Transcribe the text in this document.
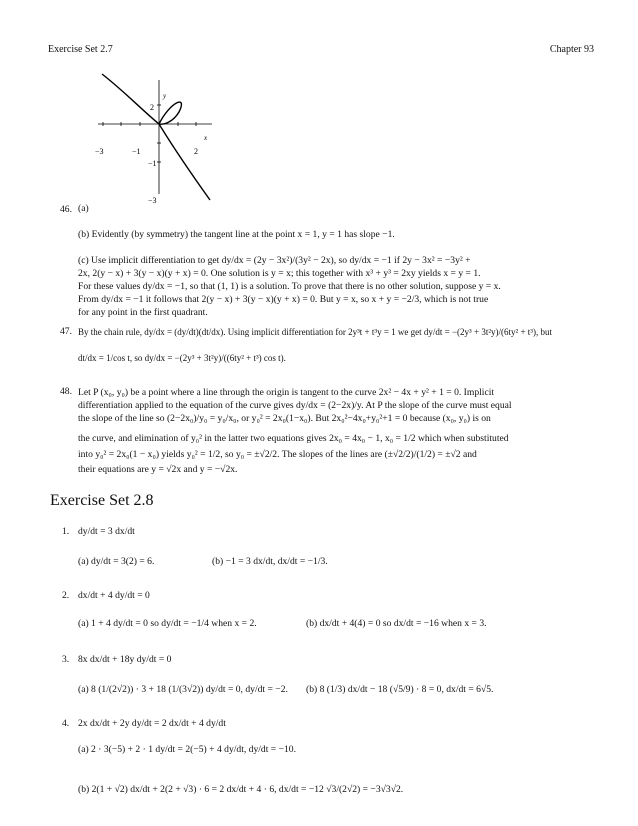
Exercise Set 2.7	Chapter 93
2
y
x
−3	−1	2
−1
−3
46. (a)
(b) Evidently (by symmetry) the tangent line at the point x = 1, y = 1 has slope −1.
(c) Use implicit differentiation to get dy/dx = (2y − 3x²)/(3y² − 2x), so dy/dx = −1 if 2y − 3x² = −3y² +
2x, 2(y − x) + 3(y − x)(y + x) = 0. One solution is y = x; this together with x³ + y³ = 2xy yields x = y = 1.
For these values dy/dx = −1, so that (1, 1) is a solution. To prove that there is no other solution, suppose y = x.
From dy/dx = −1 it follows that 2(y − x) + 3(y − x)(y + x) = 0. But y = x, so x + y = −2/3, which is not true
for any point in the first quadrant.
47. By the chain rule, dy/dx = (dy/dt)(dt/dx). Using implicit differentiation for 2y³t + t³y = 1 we get dy/dt = −(2y³ + 3t²y)/(6ty² + t³), but
dt/dx = 1/cos t, so dy/dx = −(2y³ + 3t²y)/((6ty² + t³) cos t).
48. Let P (x₀, y₀) be a point where a line through the origin is tangent to the curve 2x² − 4x + y² + 1 = 0. Implicit
differentiation applied to the equation of the curve gives dy/dx = (2−2x)/y. At P the slope of the curve must equal
the slope of the line so (2−2x₀)/y₀ = y₀/x₀, or y₀² = 2x₀(1−x₀). But 2x₀²−4x₀+y₀²+1 = 0 because (x₀, y₀) is on
the curve, and elimination of y₀² in the latter two equations gives 2x₀ = 4x₀ − 1, x₀ = 1/2 which when substituted
into y₀² = 2x₀(1 − x₀) yields y₀² = 1/2, so y₀ = ±√2/2. The slopes of the lines are (±√2/2)/(1/2) = ±√2 and
their equations are y = √2x and y = −√2x.
Exercise Set 2.8
1. dy/dt = 3 dx/dt
(a) dy/dt = 3(2) = 6.	(b) −1 = 3 dx/dt, dx/dt = −1/3.
2. dx/dt + 4 dy/dt = 0
(a) 1 + 4 dy/dt = 0 so dy/dt = −1/4 when x = 2.	(b) dx/dt + 4(4) = 0 so dx/dt = −16 when x = 3.
3. 8x dx/dt + 18y dy/dt = 0
(a) 8 (1/(2√2)) · 3 + 18 (1/(3√2)) dy/dt = 0, dy/dt = −2. (b) 8 (1/3) dx/dt − 18 (√5/9) · 8 = 0, dx/dt = 6√5.
4. 2x dx/dt + 2y dy/dt = 2 dx/dt + 4 dy/dt
(a) 2 · 3(−5) + 2 · 1 dy/dt = 2(−5) + 4 dy/dt, dy/dt = −10.
(b) 2(1 + √2) dx/dt + 2(2 + √3) · 6 = 2 dx/dt + 4 · 6, dx/dt = −12 √3/(2√2) = −3√3√2.
